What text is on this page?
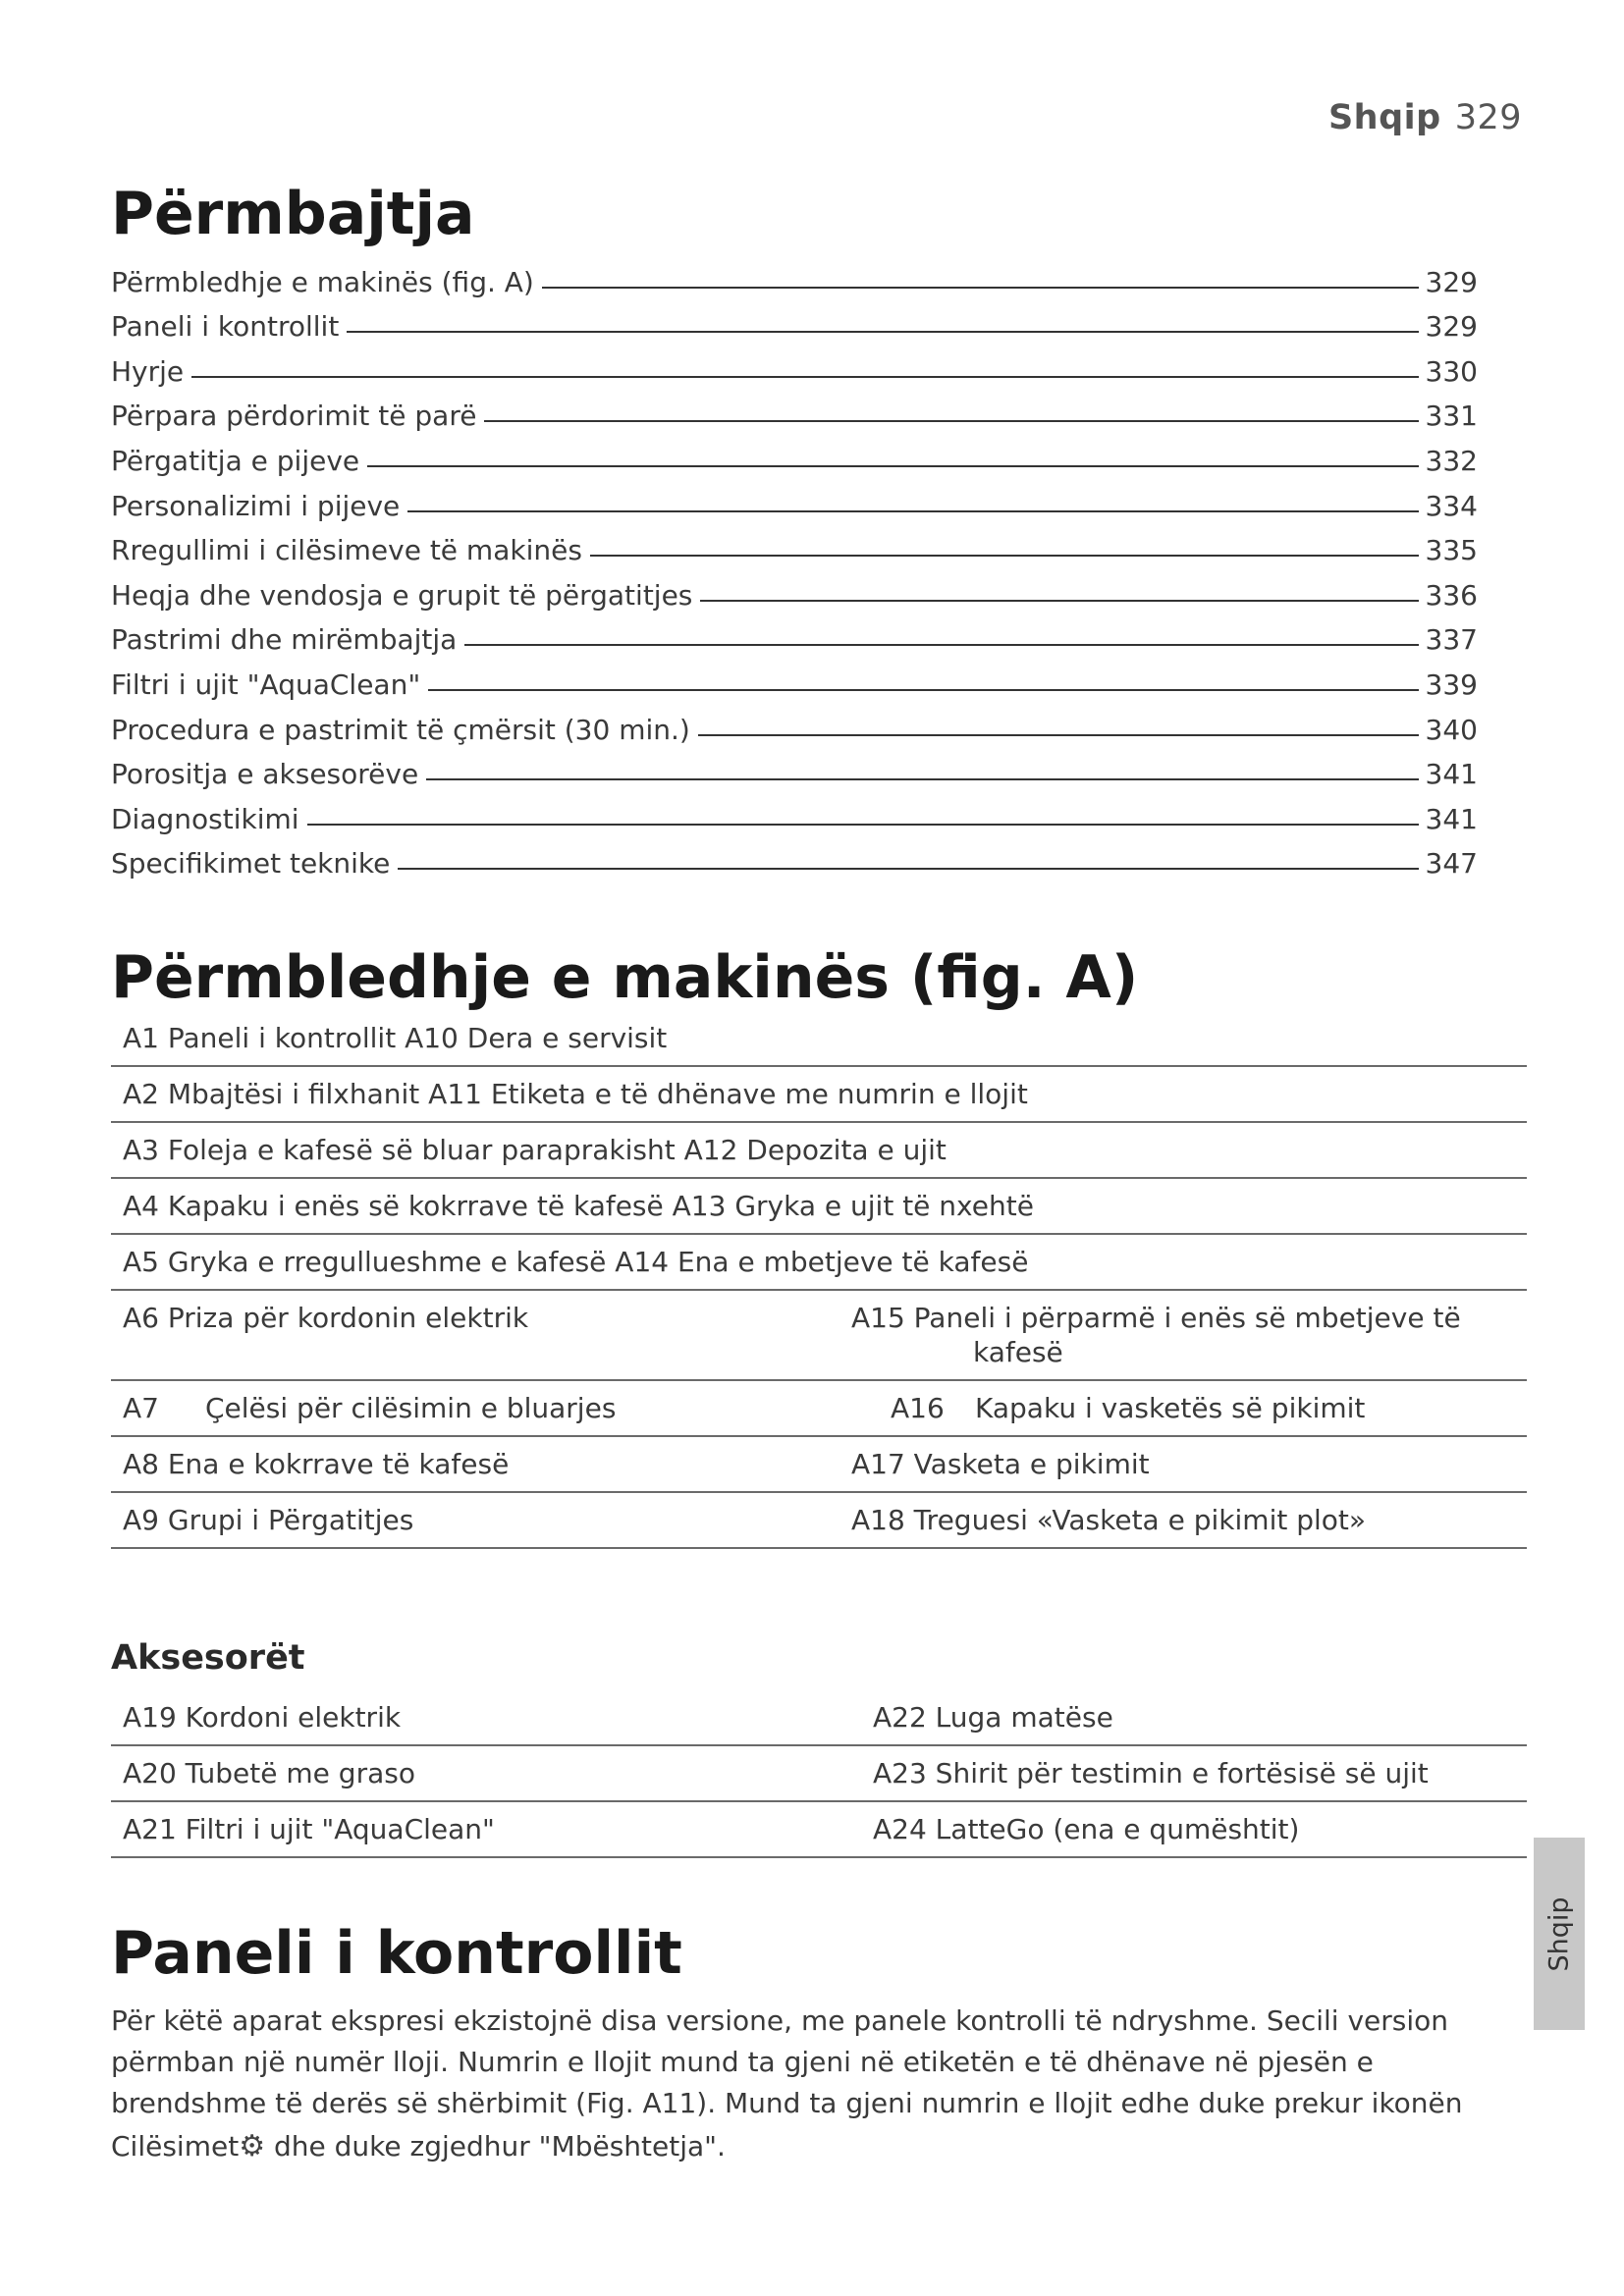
Shqip 329
Përmbajtja
Përmbledhje e makinës (fig. A)	329
Paneli i kontrollit	329
Hyrje	330
Përpara përdorimit të parë	331
Përgatitja e pijeve	332
Personalizimi i pijeve	334
Rregullimi i cilësimeve të makinës	335
Heqja dhe vendosja e grupit të përgatitjes	336
Pastrimi dhe mirëmbajtja	337
Filtri i ujit "AquaClean"	339
Procedura e pastrimit të çmërsit (30 min.)	340
Porositja e aksesorëve	341
Diagnostikimi	341
Specifikimet teknike	347
Përmbledhje e makinës (fig. A)
A1 Paneli i kontrollit A10 Dera e servisit	
A2 Mbajtësi i filxhanit A11 Etiketa e të dhënave me numrin e llojit	
A3 Foleja e kafesë së bluar paraprakisht A12 Depozita e ujit	
A4 Kapaku i enës së kokrrave të kafesë A13 Gryka e ujit të nxehtë	
A5 Gryka e rregullueshme e kafesë A14 Ena e mbetjeve të kafesë	
A6 Priza për kordonin elektrik	A15 Paneli i përparmë i enës së mbetjeve të
kafesë

A7 Çelësi për cilësimin e bluarjes	A16 Kapaku i vasketës së pikimit
A8 Ena e kokrrave të kafesë	A17 Vasketa e pikimit
A9 Grupi i Përgatitjes	A18 Treguesi «Vasketa e pikimit plot»
Aksesorët
A19 Kordoni elektrik	A22 Luga matëse
A20 Tubetë me graso	A23 Shirit për testimin e fortësisë së ujit
A21 Filtri i ujit "AquaClean"	A24 LatteGo (ena e qumështit)
Paneli i kontrollit

Për këtë aparat ekspresi ekzistojnë disa versione, me panele kontrolli të ndryshme. Secili version përmban një numër lloji. Numrin e llojit mund ta gjeni në etiketën e të dhënave në pjesën e brendshme të derës së shërbimit (Fig. A11). Mund ta gjeni numrin e llojit edhe duke prekur ikonën Cilësimet⚙ dhe duke zgjedhur "Mbështetja".

Shqip
